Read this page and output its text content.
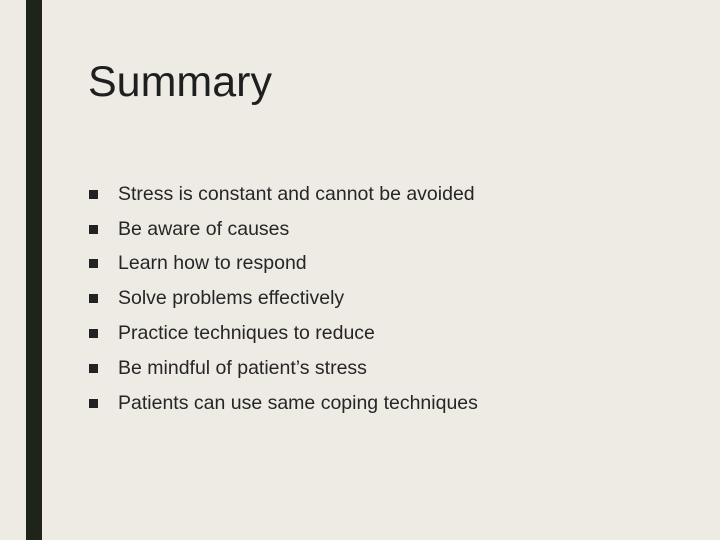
Summary
Stress is constant and cannot be avoided
Be aware of causes
Learn how to respond
Solve problems effectively
Practice techniques to reduce
Be mindful of patient’s stress
Patients can use same coping techniques
